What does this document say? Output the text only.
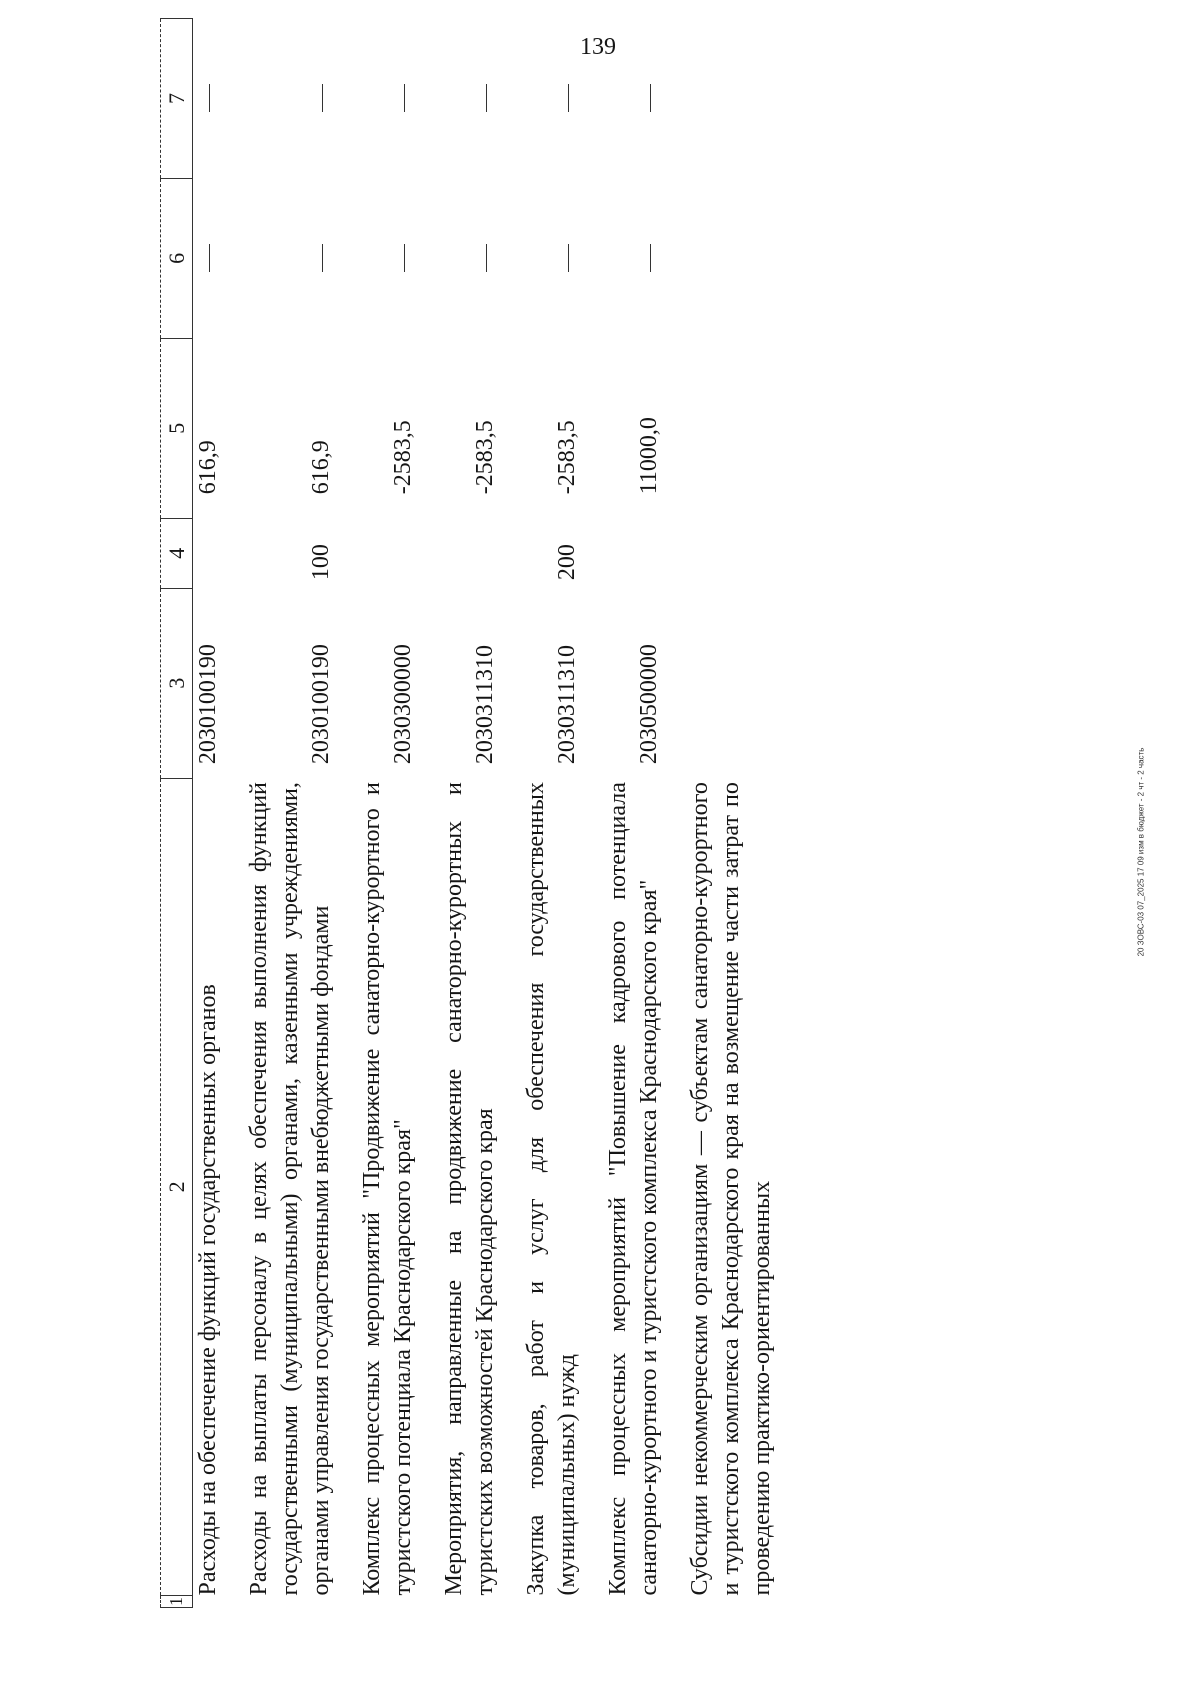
139
20 ЗОВС-03 07_2025 17 09 изм в бюджет - 2 чт - 2 часть
1	2	3	4	5	6	7
	Расходы на обеспечение функций государственных органов	2030100190		616,9		
	Расходы на выплаты персоналу в целях обеспечения выполнения функций государственными (муниципальными) органами, казенными учреждениями, органами управления государственными внебюджетными фондами	2030100190	100	616,9		
	Комплекс процессных мероприятий "Продвижение санаторно-курортного и туристского потенциала Краснодарского края"	2030300000		-2583,5		
	Мероприятия, направленные на продвижение санаторно-курортных и туристских возможностей Краснодарского края	2030311310		-2583,5		
	Закупка товаров, работ и услуг для обеспечения государственных (муниципальных) нужд	2030311310	200	-2583,5		
	Комплекс процессных мероприятий "Повышение кадрового потенциала санаторно-курортного и туристского комплекса Краснодарского края"	2030500000		11000,0		
	Субсидии некоммерческим организациям — субъектам санаторно-курортного и туристского комплекса Краснодарского края на возмещение части затрат по проведению практико-ориентированных					
